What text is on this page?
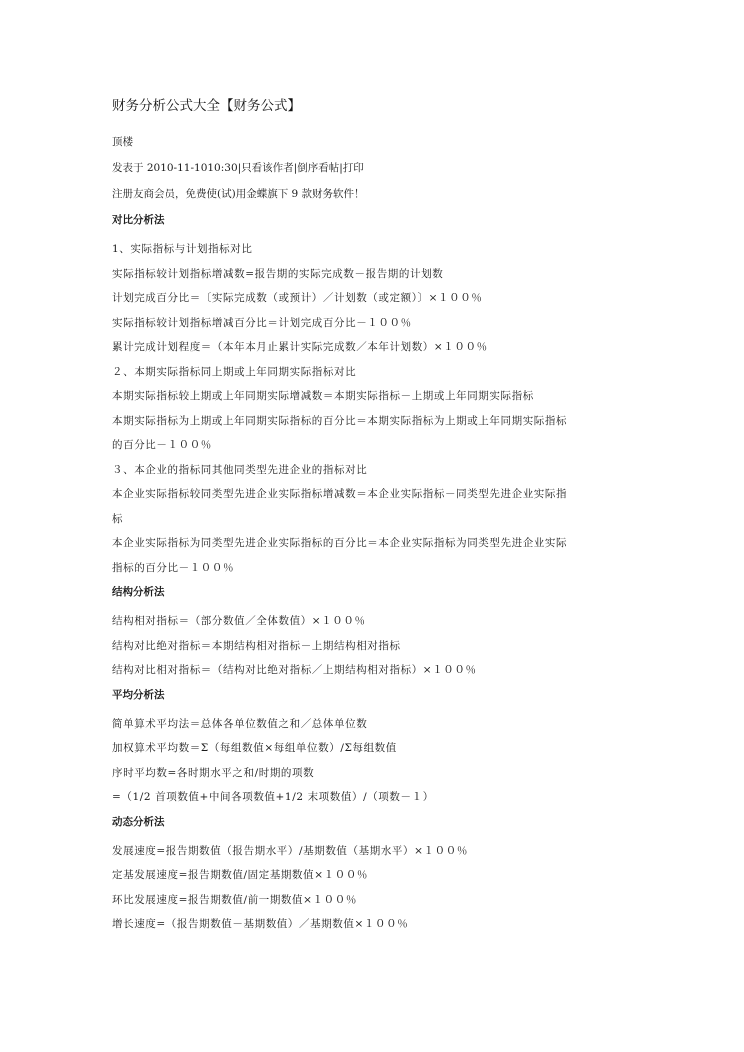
财务分析公式大全【财务公式】

顶楼

发表于 2010-11-1010:30|只看该作者|倒序看帖|打印

注册友商会员，免费使(试)用金蝶旗下 9 款财务软件！

对比分析法

1、实际指标与计划指标对比

实际指标较计划指标增减数=报告期的实际完成数－报告期的计划数

计划完成百分比＝〔实际完成数（或预计）／计划数（或定额）〕×１００％

实际指标较计划指标增减百分比＝计划完成百分比－１００％

累计完成计划程度＝（本年本月止累计实际完成数／本年计划数）×１００％

２、本期实际指标同上期或上年同期实际指标对比

本期实际指标较上期或上年同期实际增减数＝本期实际指标－上期或上年同期实际指标

本期实际指标为上期或上年同期实际指标的百分比＝本期实际指标为上期或上年同期实际指标

的百分比－１００％

３、本企业的指标同其他同类型先进企业的指标对比

本企业实际指标较同类型先进企业实际指标增减数＝本企业实际指标－同类型先进企业实际指

标

本企业实际指标为同类型先进企业实际指标的百分比＝本企业实际指标为同类型先进企业实际

指标的百分比－１００％

结构分析法

结构相对指标＝（部分数值／全体数值）×１００％

结构对比绝对指标＝本期结构相对指标－上期结构相对指标

结构对比相对指标＝（结构对比绝对指标／上期结构相对指标）×１００％

平均分析法

简单算术平均法＝总体各单位数值之和／总体单位数

加权算术平均数＝Σ（每组数值×每组单位数）/Σ每组数值

序时平均数=各时期水平之和/时期的项数

=（1/2 首项数值+中间各项数值+1/2 末项数值）/（项数－１）

动态分析法

发展速度=报告期数值（报告期水平）/基期数值（基期水平）×１００％

定基发展速度=报告期数值/固定基期数值×１００％

环比发展速度=报告期数值/前一期数值×１００％

增长速度=（报告期数值－基期数值）／基期数值×１００％
